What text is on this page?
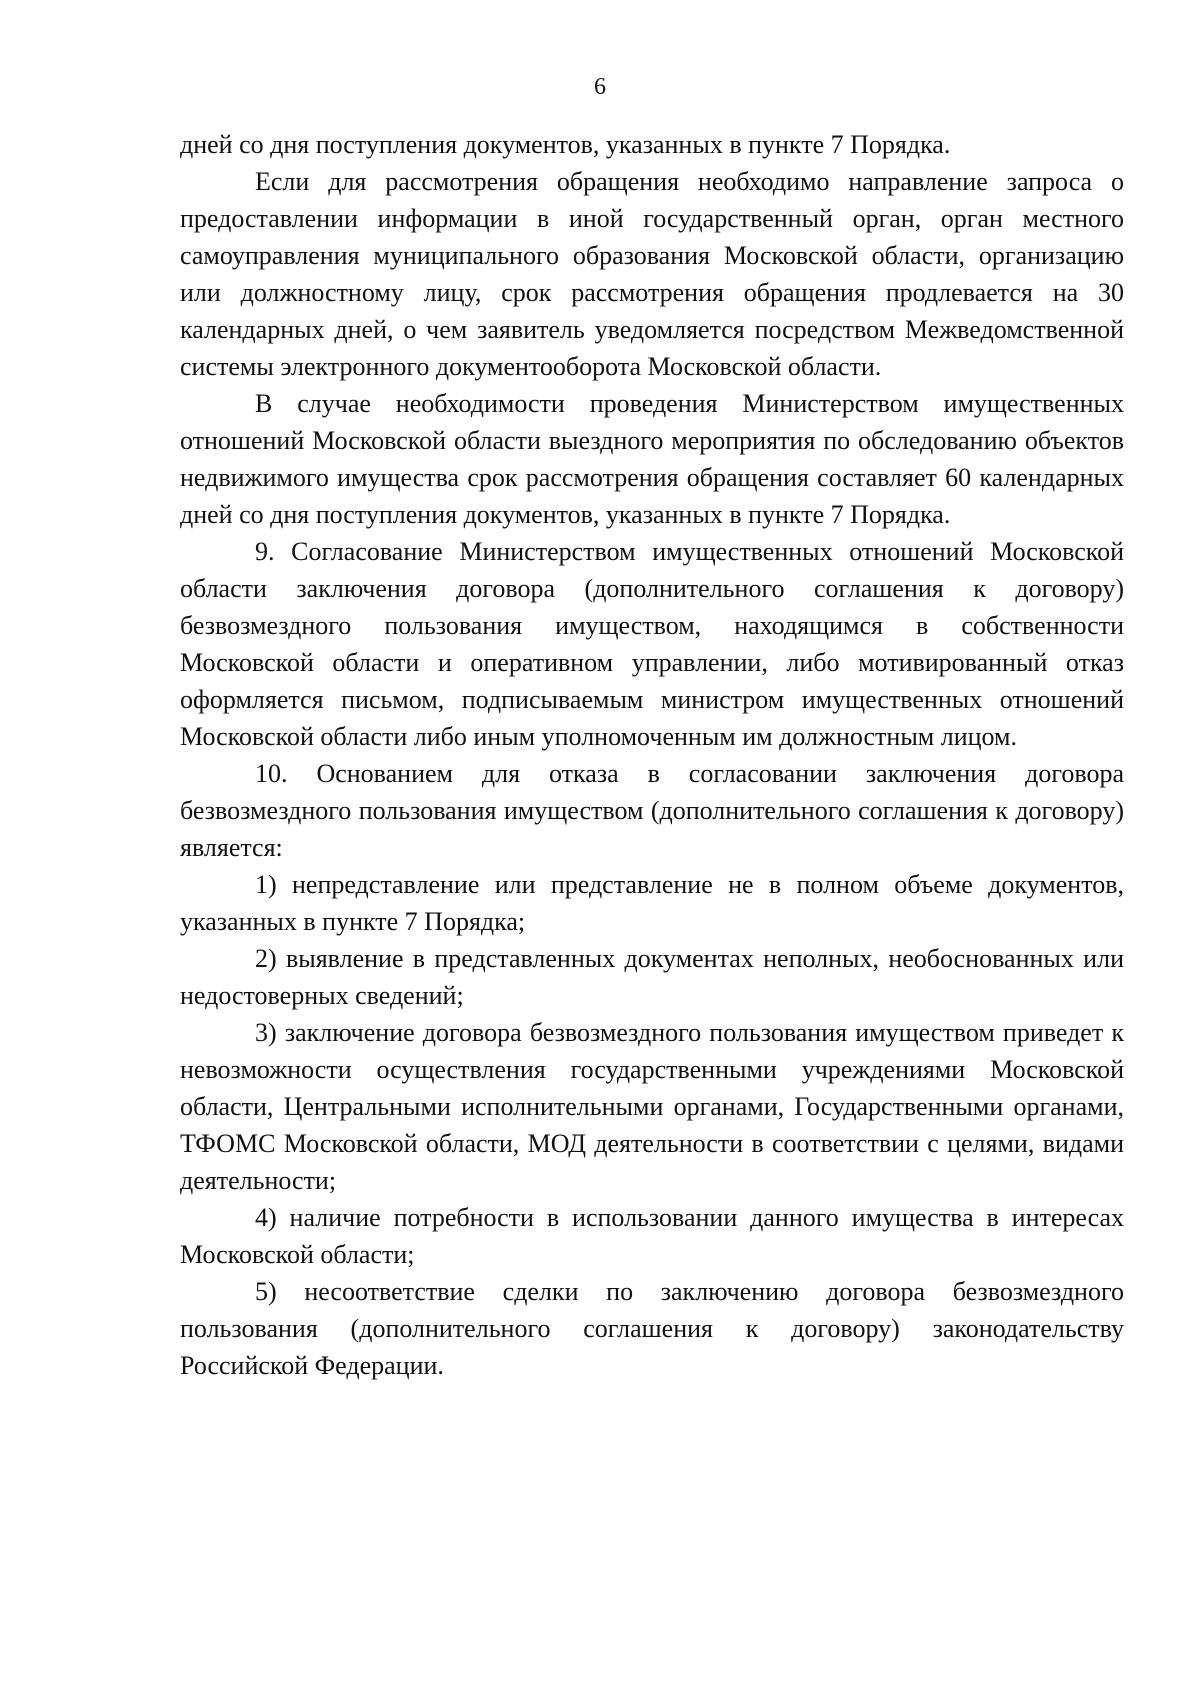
6

дней со дня поступления документов, указанных в пункте 7 Порядка.

Если для рассмотрения обращения необходимо направление запроса о предоставлении информации в иной государственный орган, орган местного самоуправления муниципального образования Московской области, организацию или должностному лицу, срок рассмотрения обращения продлевается на 30 календарных дней, о чем заявитель уведомляется посредством Межведомственной системы электронного документооборота Московской области.

В случае необходимости проведения Министерством имущественных отношений Московской области выездного мероприятия по обследованию объектов недвижимого имущества срок рассмотрения обращения составляет 60 календарных дней со дня поступления документов, указанных в пункте 7 Порядка.

9. Согласование Министерством имущественных отношений Московской области заключения договора (дополнительного соглашения к договору) безвозмездного пользования имуществом, находящимся в собственности Московской области и оперативном управлении, либо мотивированный отказ оформляется письмом, подписываемым министром имущественных отношений Московской области либо иным уполномоченным им должностным лицом.

10. Основанием для отказа в согласовании заключения договора безвозмездного пользования имуществом (дополнительного соглашения к договору) является:

1) непредставление или представление не в полном объеме документов, указанных в пункте 7 Порядка;

2) выявление в представленных документах неполных, необоснованных или недостоверных сведений;

3) заключение договора безвозмездного пользования имуществом приведет к невозможности осуществления государственными учреждениями Московской области, Центральными исполнительными органами, Государственными органами, ТФОМС Московской области, МОД деятельности в соответствии с целями, видами деятельности;

4) наличие потребности в использовании данного имущества в интересах Московской области;

5) несоответствие сделки по заключению договора безвозмездного пользования (дополнительного соглашения к договору) законодательству Российской Федерации.
